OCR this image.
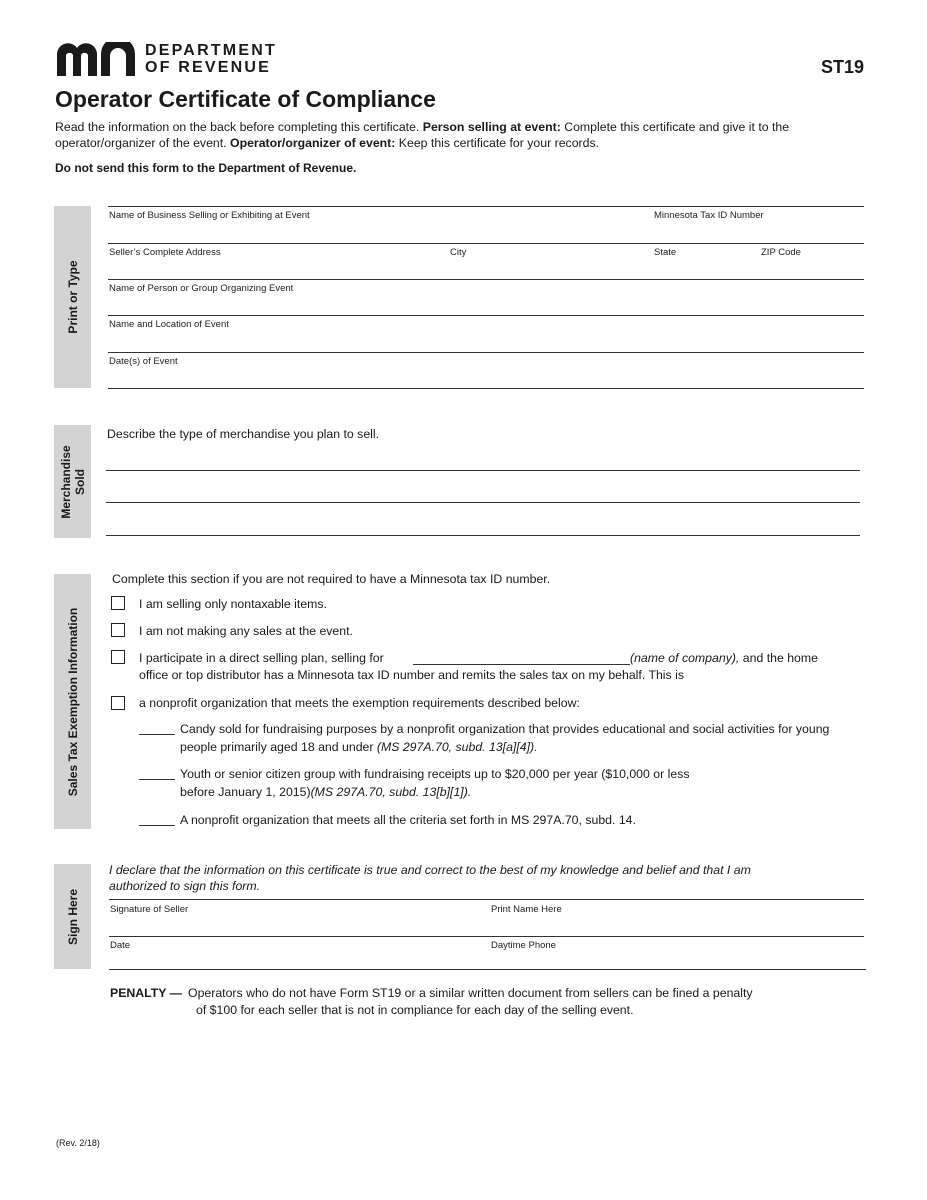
DEPARTMENT
OF REVENUE	ST19
Operator Certificate of Compliance
Read the information on the back before completing this certificate. Person selling at event: Complete this certificate and give it to the operator/organizer of the event. Operator/organizer of event: Keep this certificate for your records.
Do not send this form to the Department of Revenue.
Print or Type
Name of Business Selling or Exhibiting at Event	Minnesota Tax ID Number
Seller’s Complete Address	City	State	ZIP Code
Name of Person or Group Organizing Event
Name and Location of Event
Date(s) of Event
Merchandise Sold
Describe the type of merchandise you plan to sell.
Sales Tax Exemption Information
Complete this section if you are not required to have a Minnesota tax ID number.
I am selling only nontaxable items.
I am not making any sales at the event.
I participate in a direct selling plan, selling for	(name of company), and the home
office or top distributor has a Minnesota tax ID number and remits the sales tax on my behalf. This is
a nonprofit organization that meets the exemption requirements described below:
Candy sold for fundraising purposes by a nonprofit organization that provides educational and social activities for young
people primarily aged 18 and under (MS 297A.70, subd. 13[a][4]).
Youth or senior citizen group with fundraising receipts up to $20,000 per year ($10,000 or less
before January 1, 2015)(MS 297A.70, subd. 13[b][1]).
A nonprofit organization that meets all the criteria set forth in MS 297A.70, subd. 14.
Sign Here
I declare that the information on this certificate is true and correct to the best of my knowledge and belief and that I am
authorized to sign this form.
Signature of Seller	Print Name Here
Date	Daytime Phone
PENALTY — Operators who do not have Form ST19 or a similar written document from sellers can be fined a penalty
of $100 for each seller that is not in compliance for each day of the selling event.
(Rev. 2/18)
